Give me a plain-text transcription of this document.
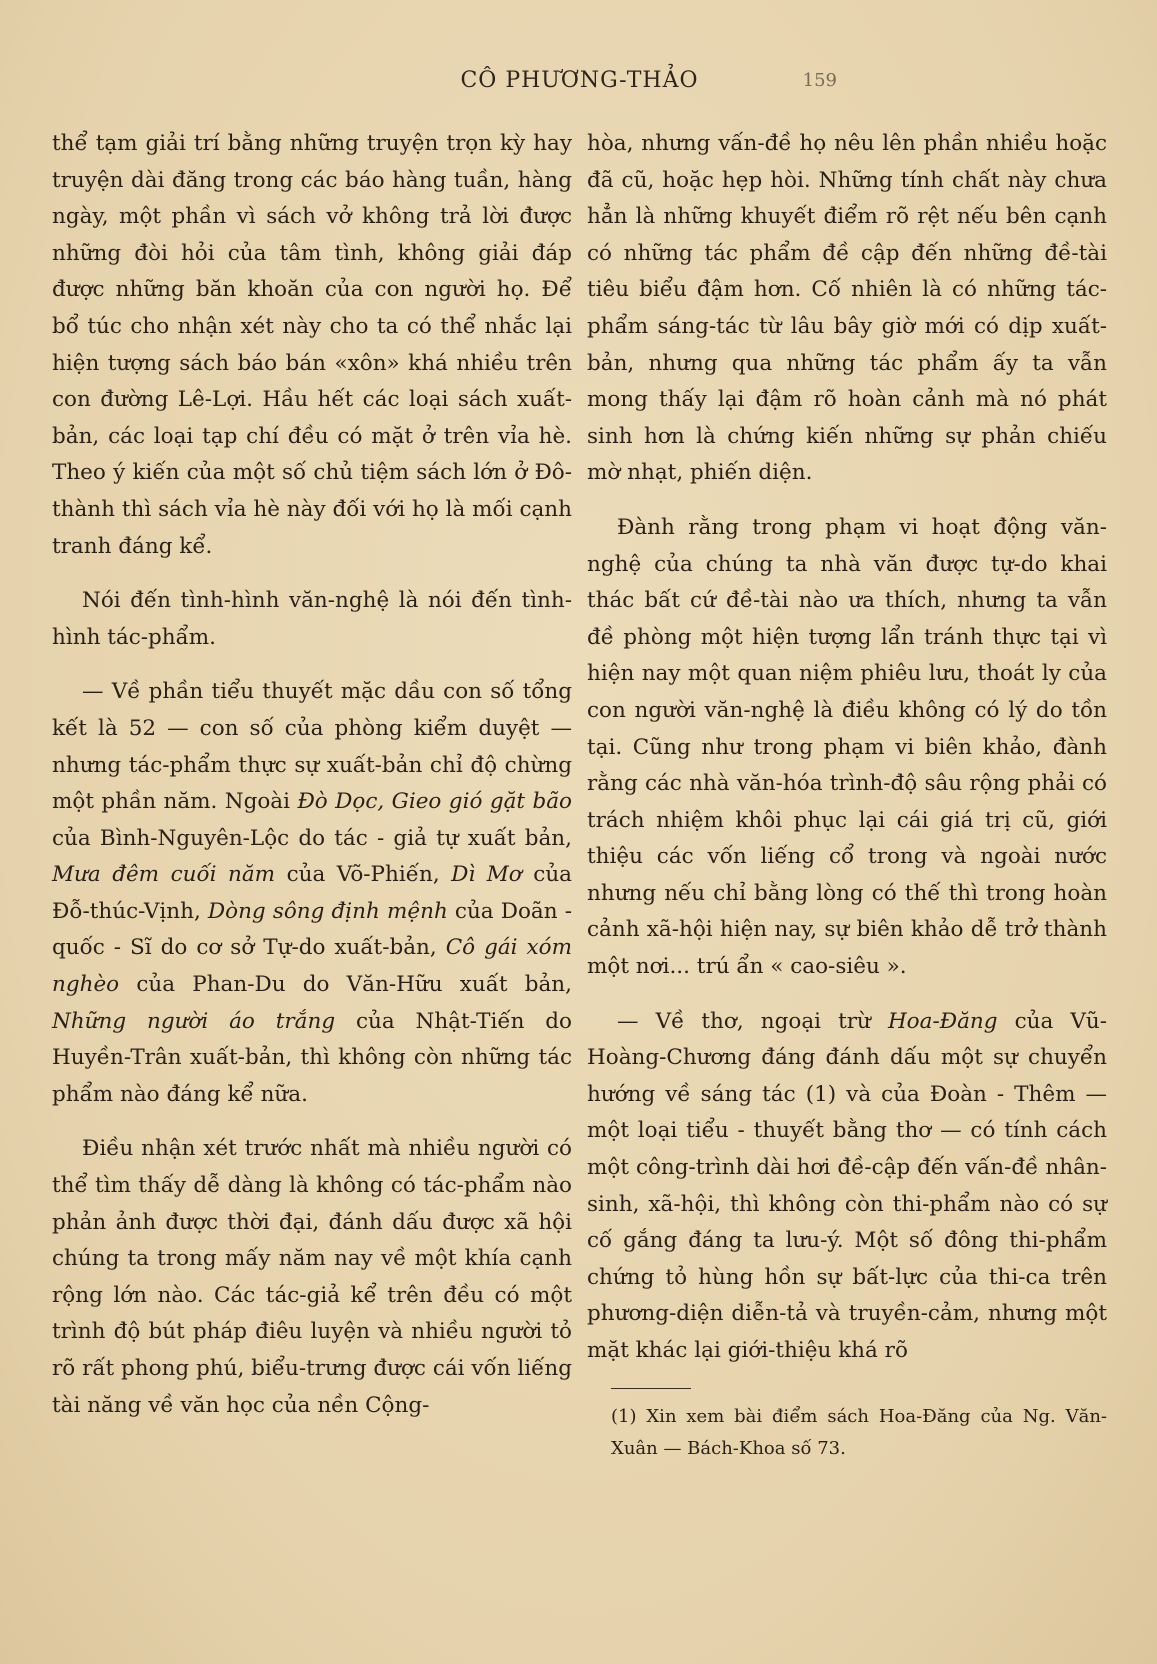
CÔ PHƯƠNG-THẢO	159

thể tạm giải trí bằng những truyện trọn kỳ hay truyện dài đăng trong các báo hàng tuần, hàng ngày, một phần vì sách vở không trả lời được những đòi hỏi của tâm tình, không giải đáp được những băn khoăn của con người họ. Để bổ túc cho nhận xét này cho ta có thể nhắc lại hiện tượng sách báo bán «xôn» khá nhiều trên con đường Lê-Lợi. Hầu hết các loại sách xuất-bản, các loại tạp chí đều có mặt ở trên vỉa hè. Theo ý kiến của một số chủ tiệm sách lớn ở Đô-thành thì sách vỉa hè này đối với họ là mối cạnh tranh đáng kể.

Nói đến tình-hình văn-nghệ là nói đến tình-hình tác-phẩm.

— Về phần tiểu thuyết mặc dầu con số tổng kết là 52 — con số của phòng kiểm duyệt — nhưng tác-phẩm thực sự xuất-bản chỉ độ chừng một phần năm. Ngoài Đò Dọc, Gieo gió gặt bão của Bình-Nguyên-Lộc do tác - giả tự xuất bản, Mưa đêm cuối năm của Võ-Phiến, Dì Mơ của Đỗ-thúc-Vịnh, Dòng sông định mệnh của Doãn - quốc - Sĩ do cơ sở Tự-do xuất-bản, Cô gái xóm nghèo của Phan-Du do Văn-Hữu xuất bản, Những người áo trắng của Nhật-Tiến do Huyền-Trân xuất-bản, thì không còn những tác phẩm nào đáng kể nữa.

Điều nhận xét trước nhất mà nhiều người có thể tìm thấy dễ dàng là không có tác-phẩm nào phản ảnh được thời đại, đánh dấu được xã hội chúng ta trong mấy năm nay về một khía cạnh rộng lớn nào. Các tác-giả kể trên đều có một trình độ bút pháp điêu luyện và nhiều người tỏ rõ rất phong phú, biểu-trưng được cái vốn liếng tài năng về văn học của nền Cộng-

hòa, nhưng vấn-đề họ nêu lên phần nhiều hoặc đã cũ, hoặc hẹp hòi. Những tính chất này chưa hẳn là những khuyết điểm rõ rệt nếu bên cạnh có những tác phẩm đề cập đến những đề-tài tiêu biểu đậm hơn. Cố nhiên là có những tác-phẩm sáng-tác từ lâu bây giờ mới có dịp xuất-bản, nhưng qua những tác phẩm ấy ta vẫn mong thấy lại đậm rõ hoàn cảnh mà nó phát sinh hơn là chứng kiến những sự phản chiếu mờ nhạt, phiến diện.

Đành rằng trong phạm vi hoạt động văn-nghệ của chúng ta nhà văn được tự-do khai thác bất cứ đề-tài nào ưa thích, nhưng ta vẫn đề phòng một hiện tượng lẩn tránh thực tại vì hiện nay một quan niệm phiêu lưu, thoát ly của con người văn-nghệ là điều không có lý do tồn tại. Cũng như trong phạm vi biên khảo, đành rằng các nhà văn-hóa trình-độ sâu rộng phải có trách nhiệm khôi phục lại cái giá trị cũ, giới thiệu các vốn liếng cổ trong và ngoài nước nhưng nếu chỉ bằng lòng có thế thì trong hoàn cảnh xã-hội hiện nay, sự biên khảo dễ trở thành một nơi... trú ẩn « cao-siêu ».

— Về thơ, ngoại trừ Hoa-Đăng của Vũ-Hoàng-Chương đáng đánh dấu một sự chuyển hướng về sáng tác (1) và của Đoàn - Thêm — một loại tiểu - thuyết bằng thơ — có tính cách một công-trình dài hơi đề-cập đến vấn-đề nhân-sinh, xã-hội, thì không còn thi-phẩm nào có sự cố gắng đáng ta lưu-ý. Một số đông thi-phẩm chứng tỏ hùng hồn sự bất-lực của thi-ca trên phương-diện diễn-tả và truyền-cảm, nhưng một mặt khác lại giới-thiệu khá rõ

(1) Xin xem bài điểm sách Hoa-Đăng của Ng. Văn-Xuân — Bách-Khoa số 73.
